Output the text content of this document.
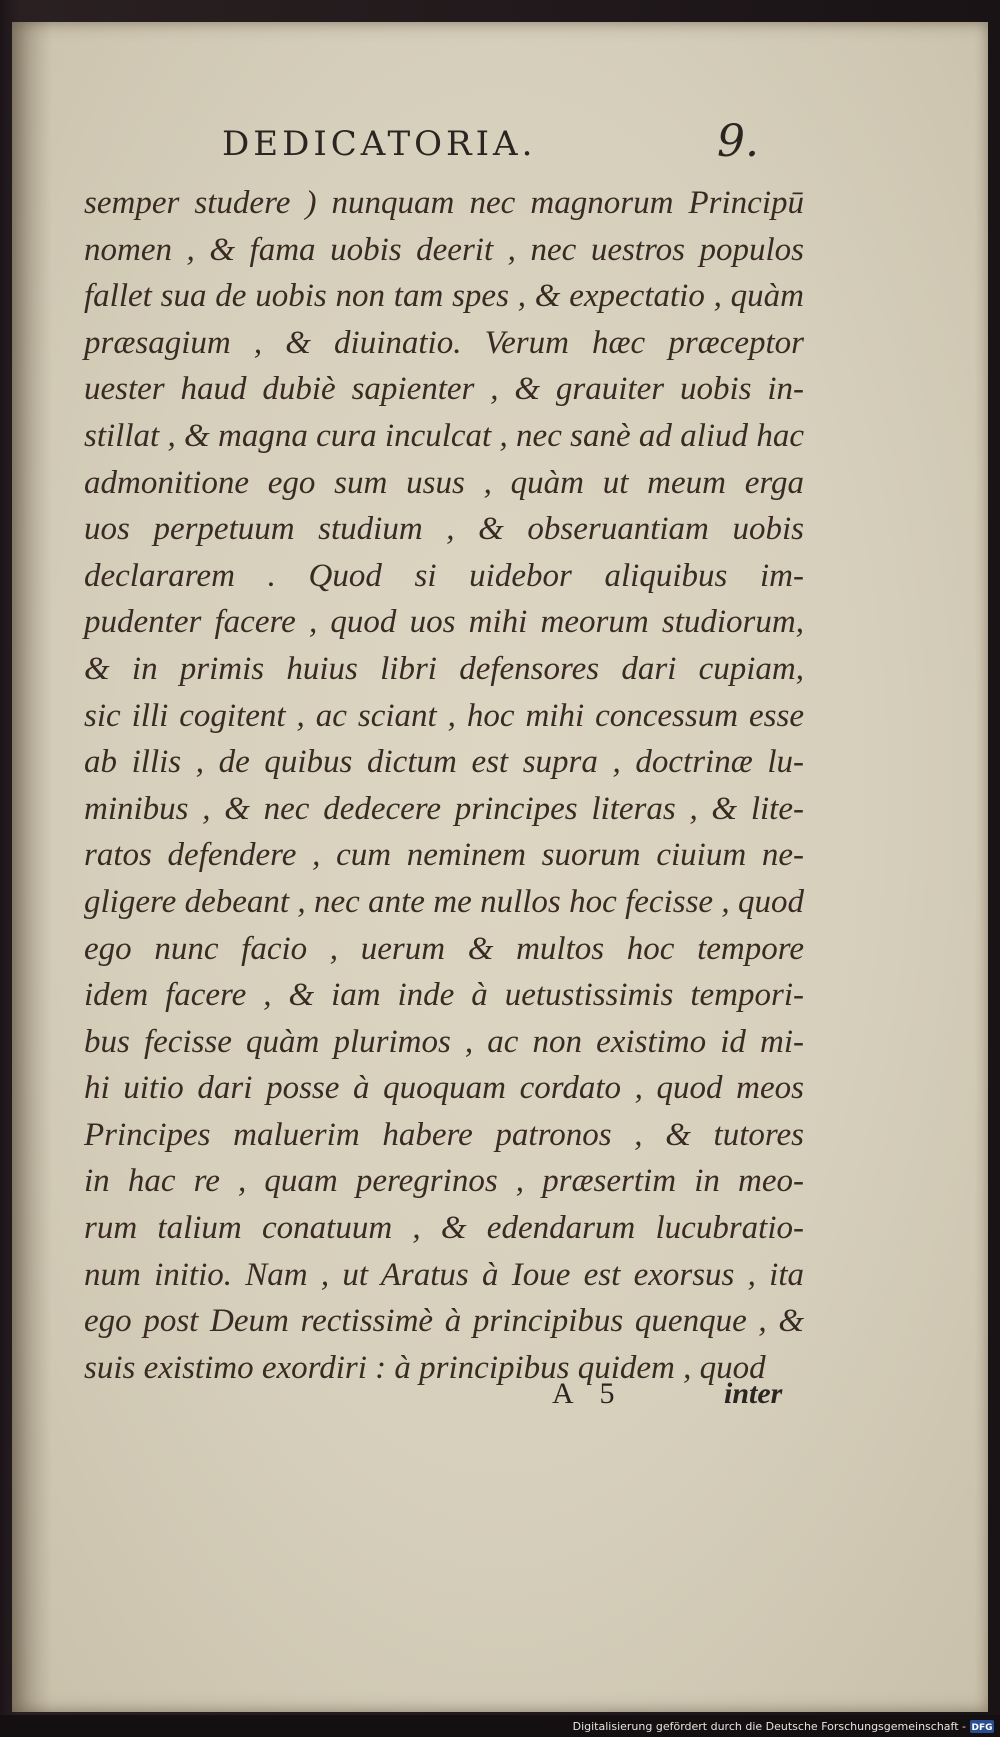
DEDICATORIA.	9.
semper studere ) nunquam nec magnorum Principū
nomen , & fama uobis deerit , nec uestros populos
fallet sua de uobis non tam spes , & expectatio , quàm
præsagium , & diuinatio. Verum hæc præceptor
uester haud dubiè sapienter , & grauiter uobis in-
stillat , & magna cura inculcat , nec sanè ad aliud hac
admonitione ego sum usus , quàm ut meum erga
uos perpetuum studium , & obseruantiam uobis
declararem . Quod si uidebor aliquibus im-
pudenter facere , quod uos mihi meorum studiorum,
& in primis huius libri defensores dari cupiam,
sic illi cogitent , ac sciant , hoc mihi concessum esse
ab illis , de quibus dictum est supra , doctrinæ lu-
minibus , & nec dedecere principes literas , & lite-
ratos defendere , cum neminem suorum ciuium ne-
gligere debeant , nec ante me nullos hoc fecisse , quod
ego nunc facio , uerum & multos hoc tempore
idem facere , & iam inde à uetustissimis tempori-
bus fecisse quàm plurimos , ac non existimo id mi-
hi uitio dari posse à quoquam cordato , quod meos
Principes maluerim habere patronos , & tutores
in hac re , quam peregrinos , præsertim in meo-
rum talium conatuum , & edendarum lucubratio-
num initio. Nam , ut Aratus à Ioue est exorsus , ita
ego post Deum rectissimè à principibus quenque , &
suis existimo exordiri : à principibus quidem , quod
A 5	inter
Digitalisierung gefördert durch die Deutsche Forschungsgemeinschaft - DFG
